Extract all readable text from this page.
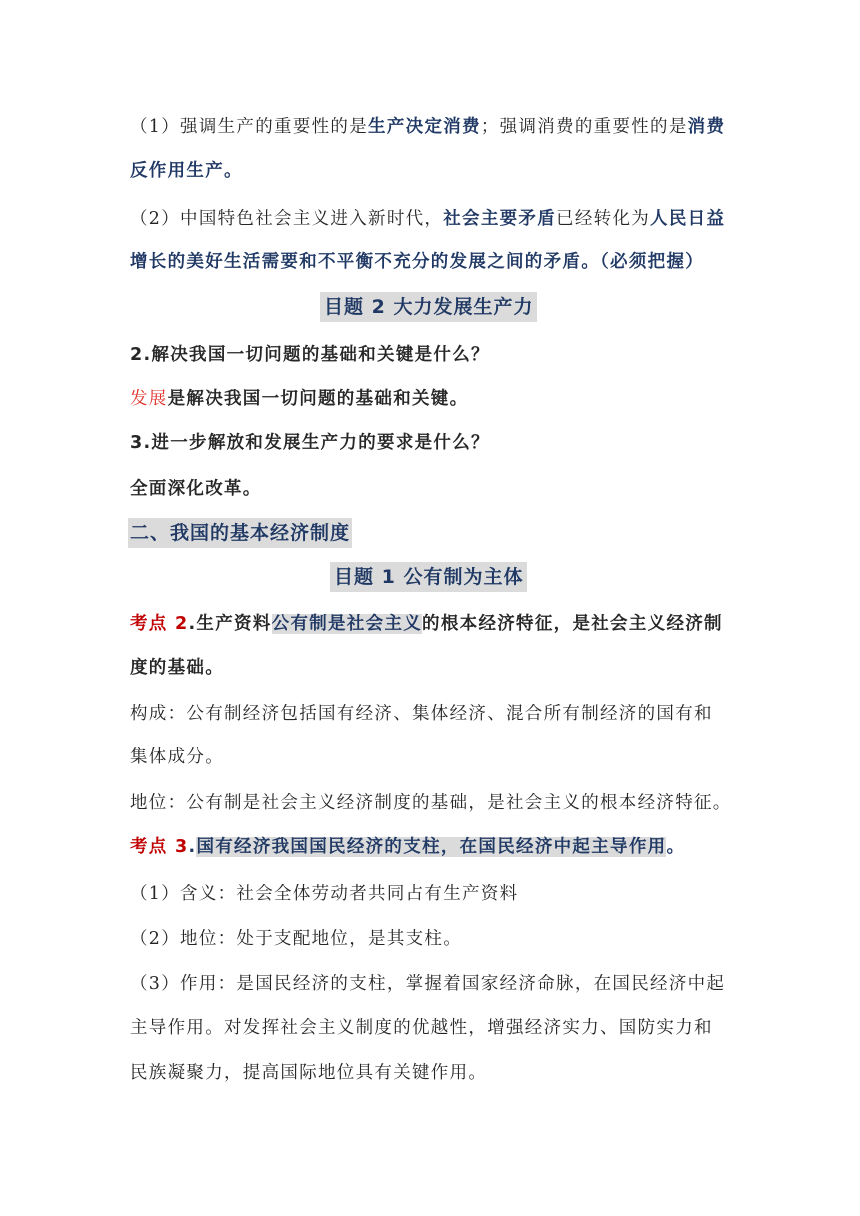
（1）强调生产的重要性的是生产决定消费；强调消费的重要性的是消费
反作用生产。
（2）中国特色社会主义进入新时代，社会主要矛盾已经转化为人民日益
增长的美好生活需要和不平衡不充分的发展之间的矛盾。（必须把握）
目题 2 大力发展生产力
2.解决我国一切问题的基础和关键是什么？
发展是解决我国一切问题的基础和关键。
3.进一步解放和发展生产力的要求是什么？
全面深化改革。
二、我国的基本经济制度
目题 1 公有制为主体
考点 2.生产资料公有制是社会主义的根本经济特征，是社会主义经济制
度的基础。
构成：公有制经济包括国有经济、集体经济、混合所有制经济的国有和
集体成分。
地位：公有制是社会主义经济制度的基础，是社会主义的根本经济特征。
考点 3.国有经济我国国民经济的支柱，在国民经济中起主导作用。
（1）含义：社会全体劳动者共同占有生产资料
（2）地位：处于支配地位，是其支柱。
（3）作用：是国民经济的支柱，掌握着国家经济命脉，在国民经济中起
主导作用。对发挥社会主义制度的优越性，增强经济实力、国防实力和
民族凝聚力，提高国际地位具有关键作用。
